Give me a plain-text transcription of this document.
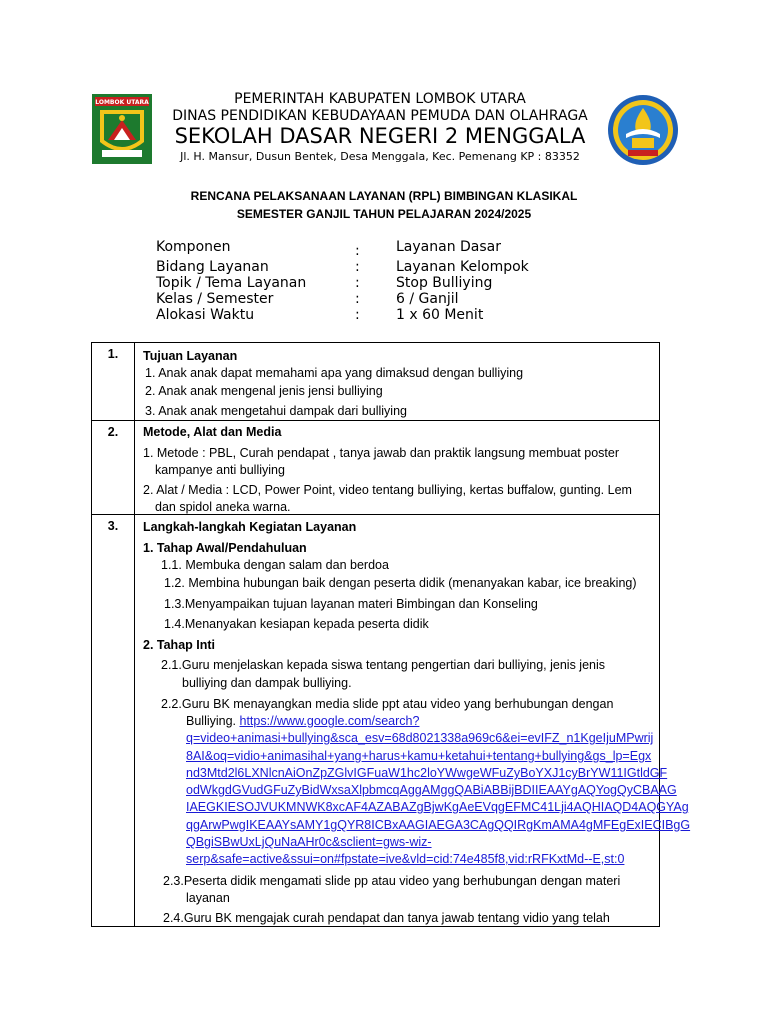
LOMBOK UTARA	PEMERINTAH KABUPATEN LOMBOK UTARA
DINAS PENDIDIKAN KEBUDAYAAN PEMUDA DAN OLAHRAGA
SEKOLAH DASAR NEGERI 2 MENGGALA
Jl. H. Mansur, Dusun Bentek, Desa Menggala, Kec. Pemenang KP : 83352
RENCANA PELAKSANAAN LAYANAN (RPL) BIMBINGAN KLASIKAL
SEMESTER GANJIL TAHUN PELAJARAN 2024/2025
Komponen	:	Layanan Dasar
Bidang Layanan	:	Layanan Kelompok
Topik / Tema Layanan	:	Stop Bulliying
Kelas / Semester	:	6 / Ganjil
Alokasi Waktu	:	1 x 60 Menit
1.	Tujuan Layanan
1. Anak anak dapat memahami apa yang dimaksud dengan bulliying
2. Anak anak mengenal jenis jensi bulliying
3. Anak anak mengetahui dampak dari bulliying
2.	Metode, Alat dan Media
1. Metode : PBL, Curah pendapat , tanya jawab dan praktik langsung membuat poster
kampanye anti bulliying
2. Alat / Media : LCD, Power Point, video tentang bulliying, kertas buffalow, gunting. Lem
dan spidol aneka warna.
3.	Langkah-langkah Kegiatan Layanan
1. Tahap Awal/Pendahuluan
1.1. Membuka dengan salam dan berdoa
1.2. Membina hubungan baik dengan peserta didik (menanyakan kabar, ice breaking)
1.3.Menyampaikan tujuan layanan materi Bimbingan dan Konseling
1.4.Menanyakan kesiapan kepada peserta didik
2. Tahap Inti
2.1.Guru menjelaskan kepada siswa tentang pengertian dari bulliying, jenis jenis
bulliying dan dampak bulliying.
2.2.Guru BK menayangkan media slide ppt atau video yang berhubungan dengan
Bulliying. https://www.google.com/search?
q=video+animasi+bullying&sca_esv=68d8021338a969c6&ei=evIFZ_n1KgeIjuMPwrij
8AI&oq=vidio+animasihal+yang+harus+kamu+ketahui+tentang+bullying&gs_lp=Egx
nd3Mtd2l6LXNlcnAiOnZpZGlvIGFuaW1hc2loYWwgeWFuZyBoYXJ1cyBrYW11IGtldGF
odWkgdGVudGFuZyBidWxsaXlpbmcqAggAMggQABiABBijBDIIEAAYgAQYogQyCBAAG
IAEGKIESOJVUKMNWK8xcAF4AZABAZgBjwKgAeEVqgEFMC41Lji4AQHIAQD4AQGYAg
qgArwPwgIKEAAYsAMY1gQYR8ICBxAAGIAEGA3CAgQQIRgKmAMA4gMFEgExIECIBgG
QBgiSBwUxLjQuNaAHr0c&sclient=gws-wiz-
serp&safe=active&ssui=on#fpstate=ive&vld=cid:74e485f8,vid:rRFKxtMd--E,st:0
2.3.Peserta didik mengamati slide pp atau video yang berhubungan dengan materi
layanan
2.4.Guru BK mengajak curah pendapat dan tanya jawab tentang vidio yang telah
